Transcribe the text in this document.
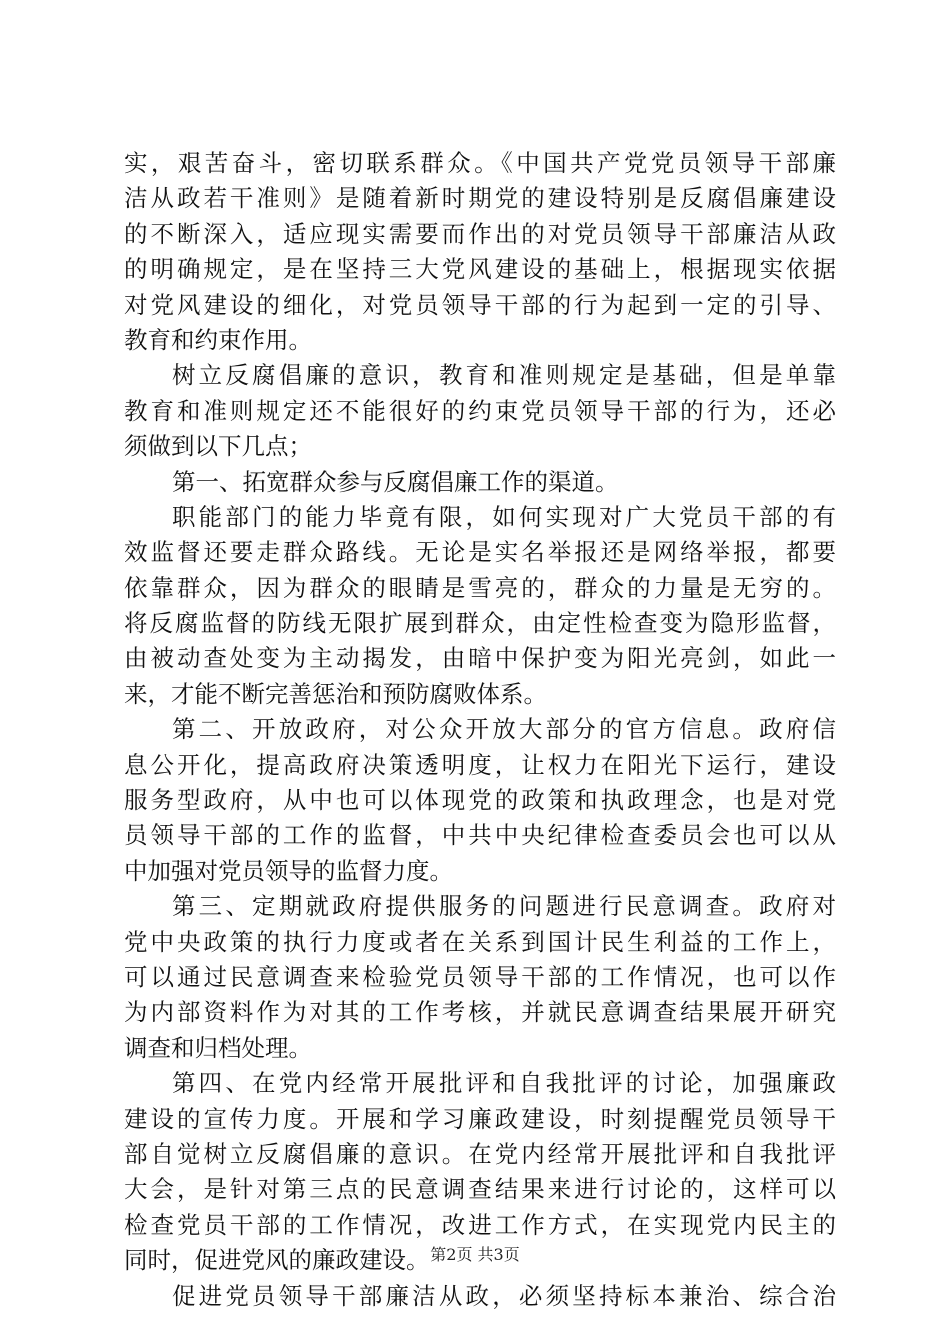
实，艰苦奋斗，密切联系群众。《中国共产党党员领导干部廉
洁从政若干准则》是随着新时期党的建设特别是反腐倡廉建设
的不断深入，适应现实需要而作出的对党员领导干部廉洁从政
的明确规定，是在坚持三大党风建设的基础上，根据现实依据
对党风建设的细化，对党员领导干部的行为起到一定的引导、
教育和约束作用。
树立反腐倡廉的意识，教育和准则规定是基础，但是单靠
教育和准则规定还不能很好的约束党员领导干部的行为，还必
须做到以下几点；
第一、拓宽群众参与反腐倡廉工作的渠道。
职能部门的能力毕竟有限，如何实现对广大党员干部的有
效监督还要走群众路线。无论是实名举报还是网络举报，都要
依靠群众，因为群众的眼睛是雪亮的，群众的力量是无穷的。
将反腐监督的防线无限扩展到群众，由定性检查变为隐形监督，
由被动查处变为主动揭发，由暗中保护变为阳光亮剑，如此一
来，才能不断完善惩治和预防腐败体系。
第二、开放政府，对公众开放大部分的官方信息。政府信
息公开化，提高政府决策透明度，让权力在阳光下运行，建设
服务型政府，从中也可以体现党的政策和执政理念，也是对党
员领导干部的工作的监督，中共中央纪律检查委员会也可以从
中加强对党员领导的监督力度。
第三、定期就政府提供服务的问题进行民意调查。政府对
党中央政策的执行力度或者在关系到国计民生利益的工作上，
可以通过民意调查来检验党员领导干部的工作情况，也可以作
为内部资料作为对其的工作考核，并就民意调查结果展开研究
调查和归档处理。
第四、在党内经常开展批评和自我批评的讨论，加强廉政
建设的宣传力度。开展和学习廉政建设，时刻提醒党员领导干
部自觉树立反腐倡廉的意识。在党内经常开展批评和自我批评
大会，是针对第三点的民意调查结果来进行讨论的，这样可以
检查党员干部的工作情况，改进工作方式，在实现党内民主的
同时，促进党风的廉政建设。
促进党员领导干部廉洁从政，必须坚持标本兼治、综合治
第2页 共3页
